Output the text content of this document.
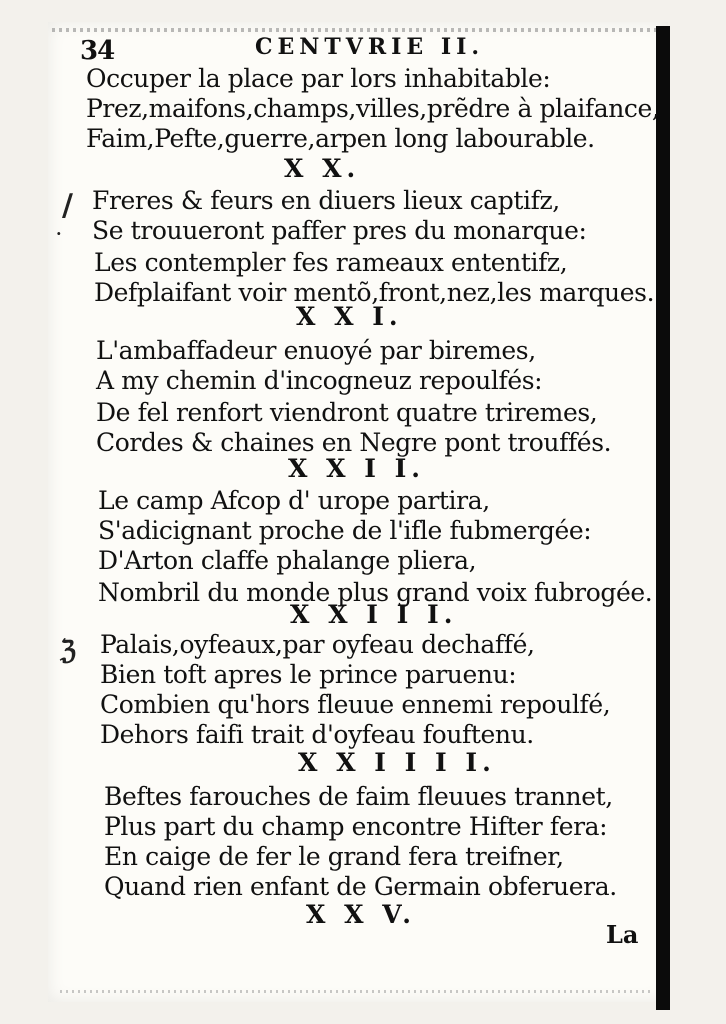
34	CENTVRIE II.
Occuper la place par lors inhabitable:
Prez,maifons,champs,villes,prẽdre à plaifance,
Faim,Pefte,guerre,arpen long labourable.
X X.
/
·
Freres & feurs en diuers lieux captifz,
Se trouueront paffer pres du monarque:
Les contempler fes rameaux ententifz,
Defplaifant voir mentõ,front,nez,les marques.
X X I.
L'ambaffadeur enuoyé par biremes,
A my chemin d'incogneuz repoulfés:
De fel renfort viendront quatre triremes,
Cordes & chaines en Negre pont trouffés.
X X I I.
Le camp Afcop d' urope partira,
S'adicignant proche de l'ifle fubmergée:
D'Arton claffe phalange pliera,
Nombril du monde plus grand voix fubrogée.
X X I I I.
ℨ Palais,oyfeaux,par oyfeau dechaffé,
Bien toft apres le prince paruenu:
Combien qu'hors fleuue ennemi repoulfé,
Dehors faifi trait d'oyfeau fouftenu.
X X I I I I.
Beftes farouches de faim fleuues trannet,
Plus part du champ encontre Hifter fera:
En caige de fer le grand fera treifner,
Quand rien enfant de Germain obferuera.
X X V.
La
